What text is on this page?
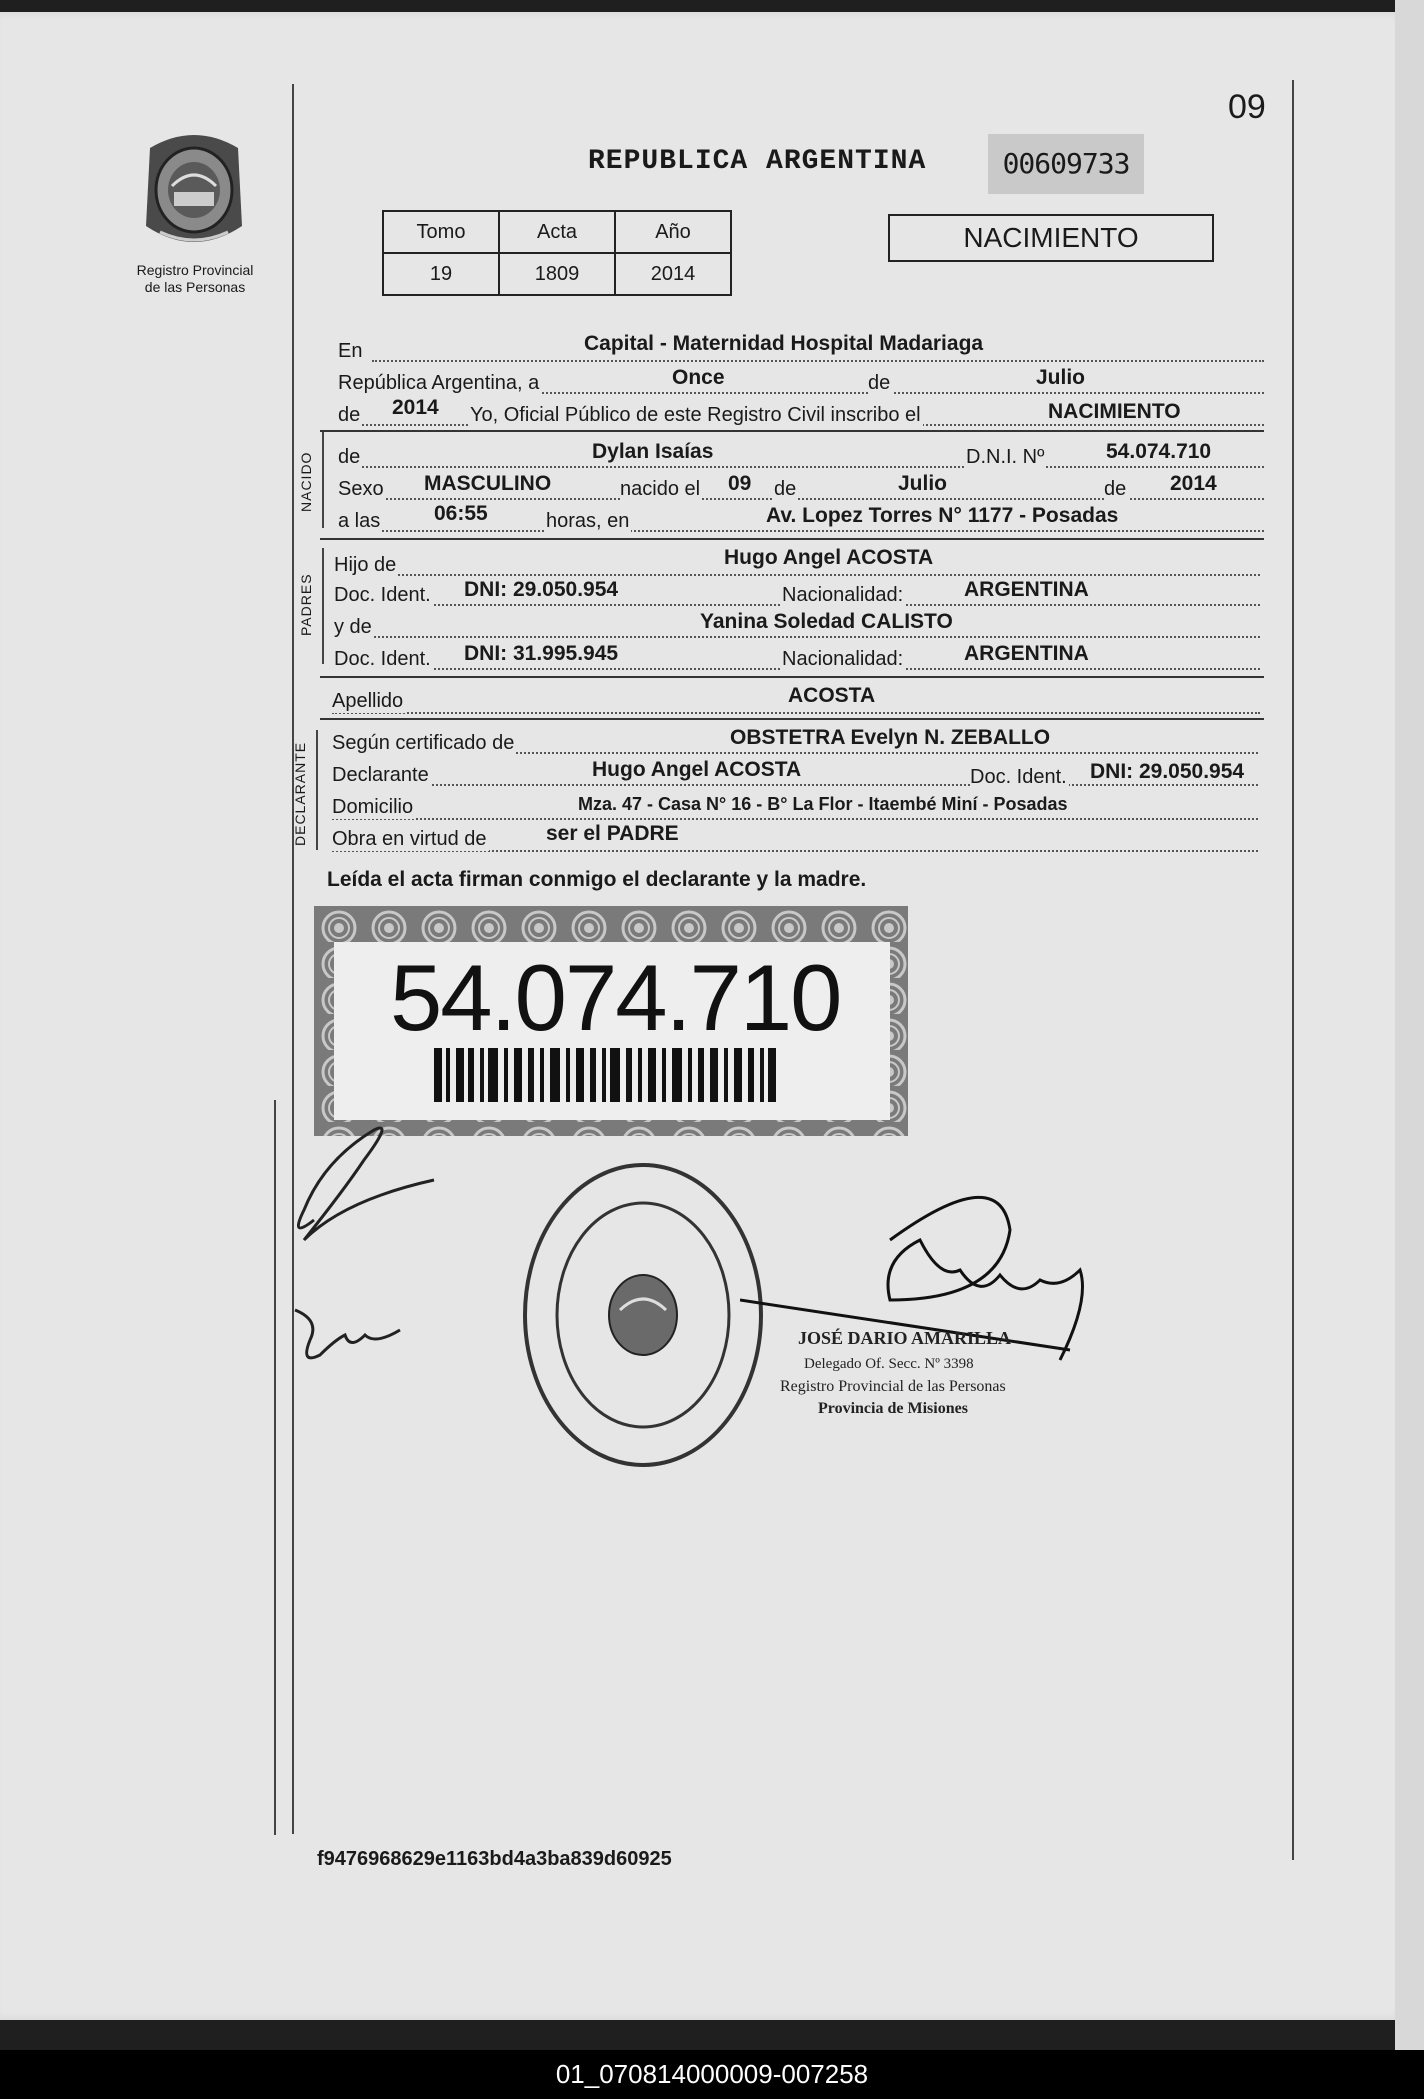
09
Registro Provincial
de las Personas
REPUBLICA ARGENTINA	00609733
Tomo	Acta	Año
19	1809	2014
NACIMIENTO
En	Capital - Maternidad Hospital Madariaga
República Argentina, a	Once	de	Julio
de 2014 Yo, Oficial Público de este Registro Civil inscribo el	NACIMIENTO
NACIDO de	Dylan Isaías	D.N.I. Nº	54.074.710
Sexo MASCULINO	nacido el 09 de	Julio	de 2014
a las	06:55	horas, en	Av. Lopez Torres N° 1177 - Posadas
PADRES
Hijo de	Hugo Angel ACOSTA
Doc. Ident. DNI: 29.050.954	Nacionalidad:	ARGENTINA
y de	Yanina Soledad CALISTO
Doc. Ident. DNI: 31.995.945	Nacionalidad:	ARGENTINA
Apellido	ACOSTA
DECLARANTE Según certificado de	OBSTETRA Evelyn N. ZEBALLO
Declarante	Hugo Angel ACOSTA	Doc. Ident. DNI: 29.050.954
Domicilio	Mza. 47 - Casa N° 16 - B° La Flor - Itaembé Miní - Posadas
Obra en virtud de	ser el PADRE
Leída el acta firman conmigo el declarante y la madre.
54.074.710
JOSÉ DARIO AMARILLA
Delegado Of. Secc. Nº 3398
Registro Provincial de las Personas
Provincia de Misiones
f9476968629e1163bd4a3ba839d60925
01_070814000009-007258
